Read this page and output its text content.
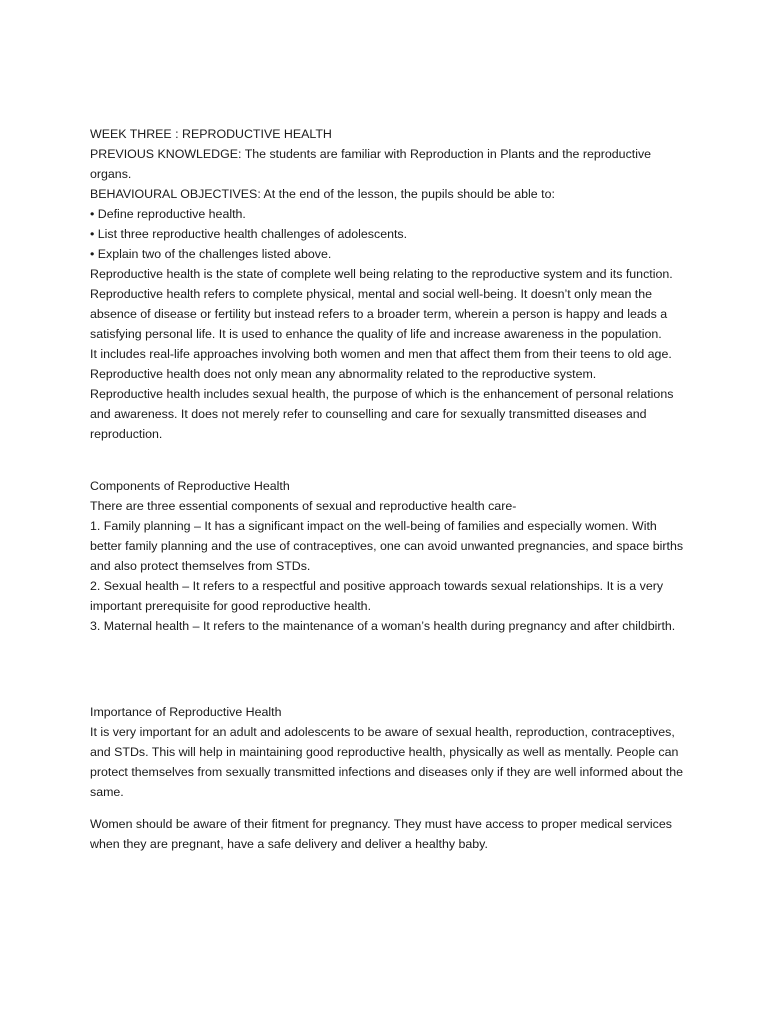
WEEK THREE : REPRODUCTIVE HEALTH

PREVIOUS KNOWLEDGE: The students are familiar with Reproduction in Plants and the reproductive organs.

BEHAVIOURAL OBJECTIVES: At the end of the lesson, the pupils should be able to:

• Define reproductive health.

• List three reproductive health challenges of adolescents.

• Explain two of the challenges listed above.

Reproductive health is the state of complete well being relating to the reproductive system and its function. Reproductive health refers to complete physical, mental and social well-being. It doesn’t only mean the absence of disease or fertility but instead refers to a broader term, wherein a person is happy and leads a satisfying personal life. It is used to enhance the quality of life and increase awareness in the population.

It includes real-life approaches involving both women and men that affect them from their teens to old age.

Reproductive health does not only mean any abnormality related to the reproductive system.

Reproductive health includes sexual health, the purpose of which is the enhancement of personal relations and awareness. It does not merely refer to counselling and care for sexually transmitted diseases and reproduction.

Components of Reproductive Health

There are three essential components of sexual and reproductive health care-

1. Family planning – It has a significant impact on the well-being of families and especially women. With better family planning and the use of contraceptives, one can avoid unwanted pregnancies, and space births and also protect themselves from STDs.

2. Sexual health – It refers to a respectful and positive approach towards sexual relationships. It is a very important prerequisite for good reproductive health.

3. Maternal health – It refers to the maintenance of a woman’s health during pregnancy and after childbirth.

Importance of Reproductive Health

It is very important for an adult and adolescents to be aware of sexual health, reproduction, contraceptives, and STDs. This will help in maintaining good reproductive health, physically as well as mentally. People can protect themselves from sexually transmitted infections and diseases only if they are well informed about the same.

Women should be aware of their fitment for pregnancy. They must have access to proper medical services when they are pregnant, have a safe delivery and deliver a healthy baby.
